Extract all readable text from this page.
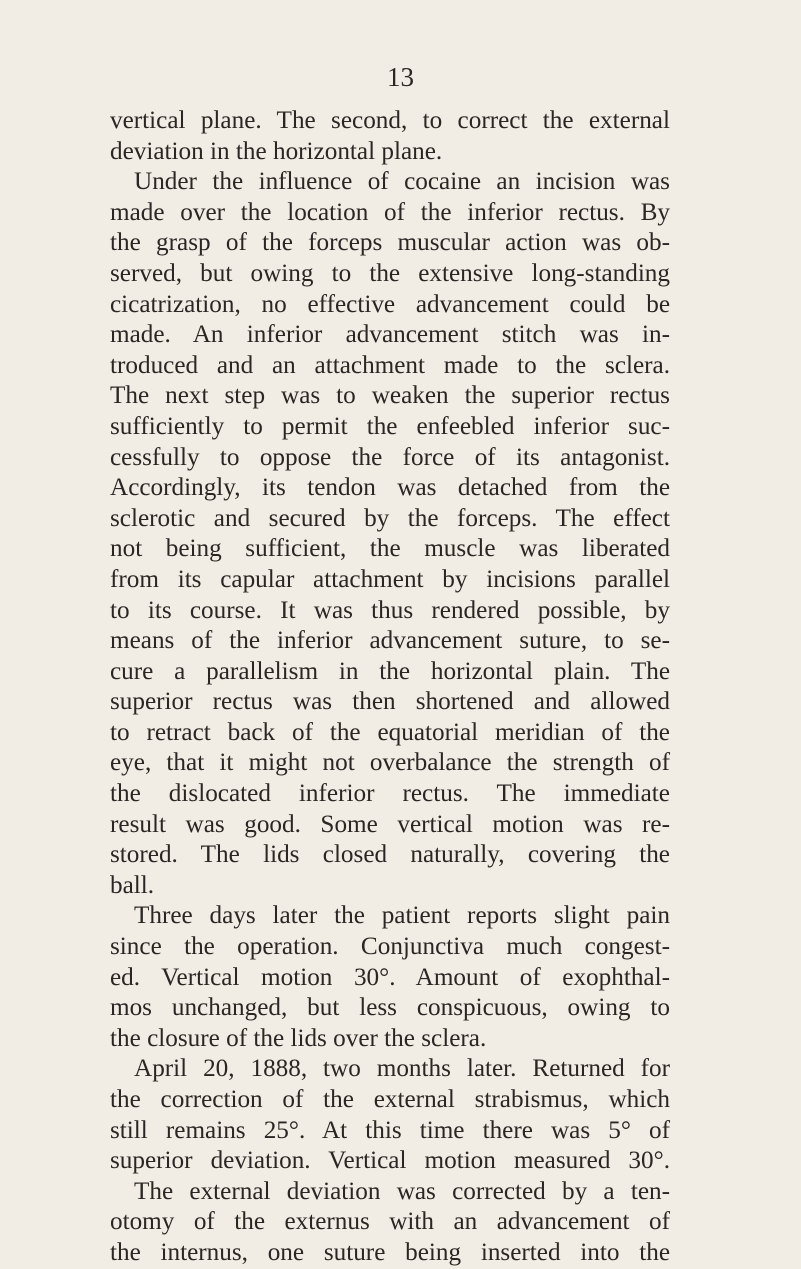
13
vertical plane. The second, to correct the external
deviation in the horizontal plane.
Under the influence of cocaine an incision was
made over the location of the inferior rectus. By
the grasp of the forceps muscular action was ob-
served, but owing to the extensive long-standing
cicatrization, no effective advancement could be
made. An inferior advancement stitch was in-
troduced and an attachment made to the sclera.
The next step was to weaken the superior rectus
sufficiently to permit the enfeebled inferior suc-
cessfully to oppose the force of its antagonist.
Accordingly, its tendon was detached from the
sclerotic and secured by the forceps. The effect
not being sufficient, the muscle was liberated
from its capular attachment by incisions parallel
to its course. It was thus rendered possible, by
means of the inferior advancement suture, to se-
cure a parallelism in the horizontal plain. The
superior rectus was then shortened and allowed
to retract back of the equatorial meridian of the
eye, that it might not overbalance the strength of
the dislocated inferior rectus. The immediate
result was good. Some vertical motion was re-
stored. The lids closed naturally, covering the
ball.
Three days later the patient reports slight pain
since the operation. Conjunctiva much congest-
ed. Vertical motion 30°. Amount of exophthal-
mos unchanged, but less conspicuous, owing to
the closure of the lids over the sclera.
April 20, 1888, two months later. Returned for
the correction of the external strabismus, which
still remains 25°. At this time there was 5° of
superior deviation. Vertical motion measured 30°.
The external deviation was corrected by a ten-
otomy of the externus with an advancement of
the internus, one suture being inserted into the
